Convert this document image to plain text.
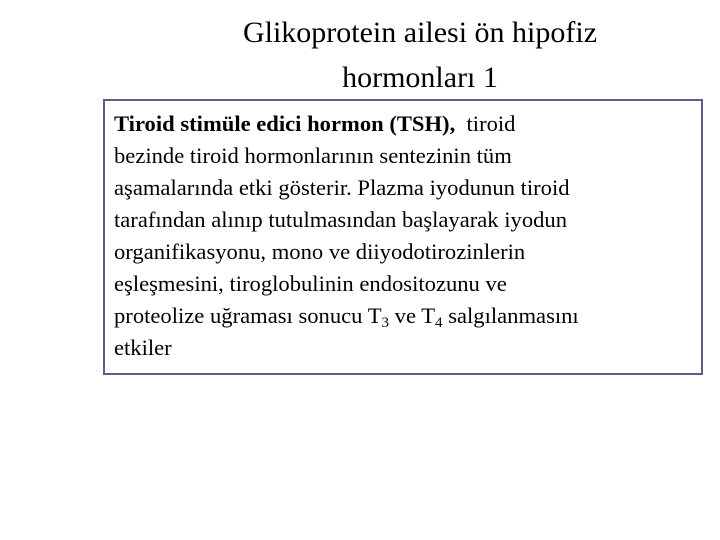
Glikoprotein ailesi ön hipofiz
hormonları 1
Tiroid stimüle edici hormon (TSH), tiroid
bezinde tiroid hormonlarının sentezinin tüm
aşamalarında etki gösterir. Plazma iyodunun tiroid
tarafından alınıp tutulmasından başlayarak iyodun
organifikasyonu, mono ve diiyodotirozinlerin
eşleşmesini, tiroglobulinin endositozunu ve
proteolize uğraması sonucu $T_3$ ve $T_4$ salgılanmasını
etkiler
